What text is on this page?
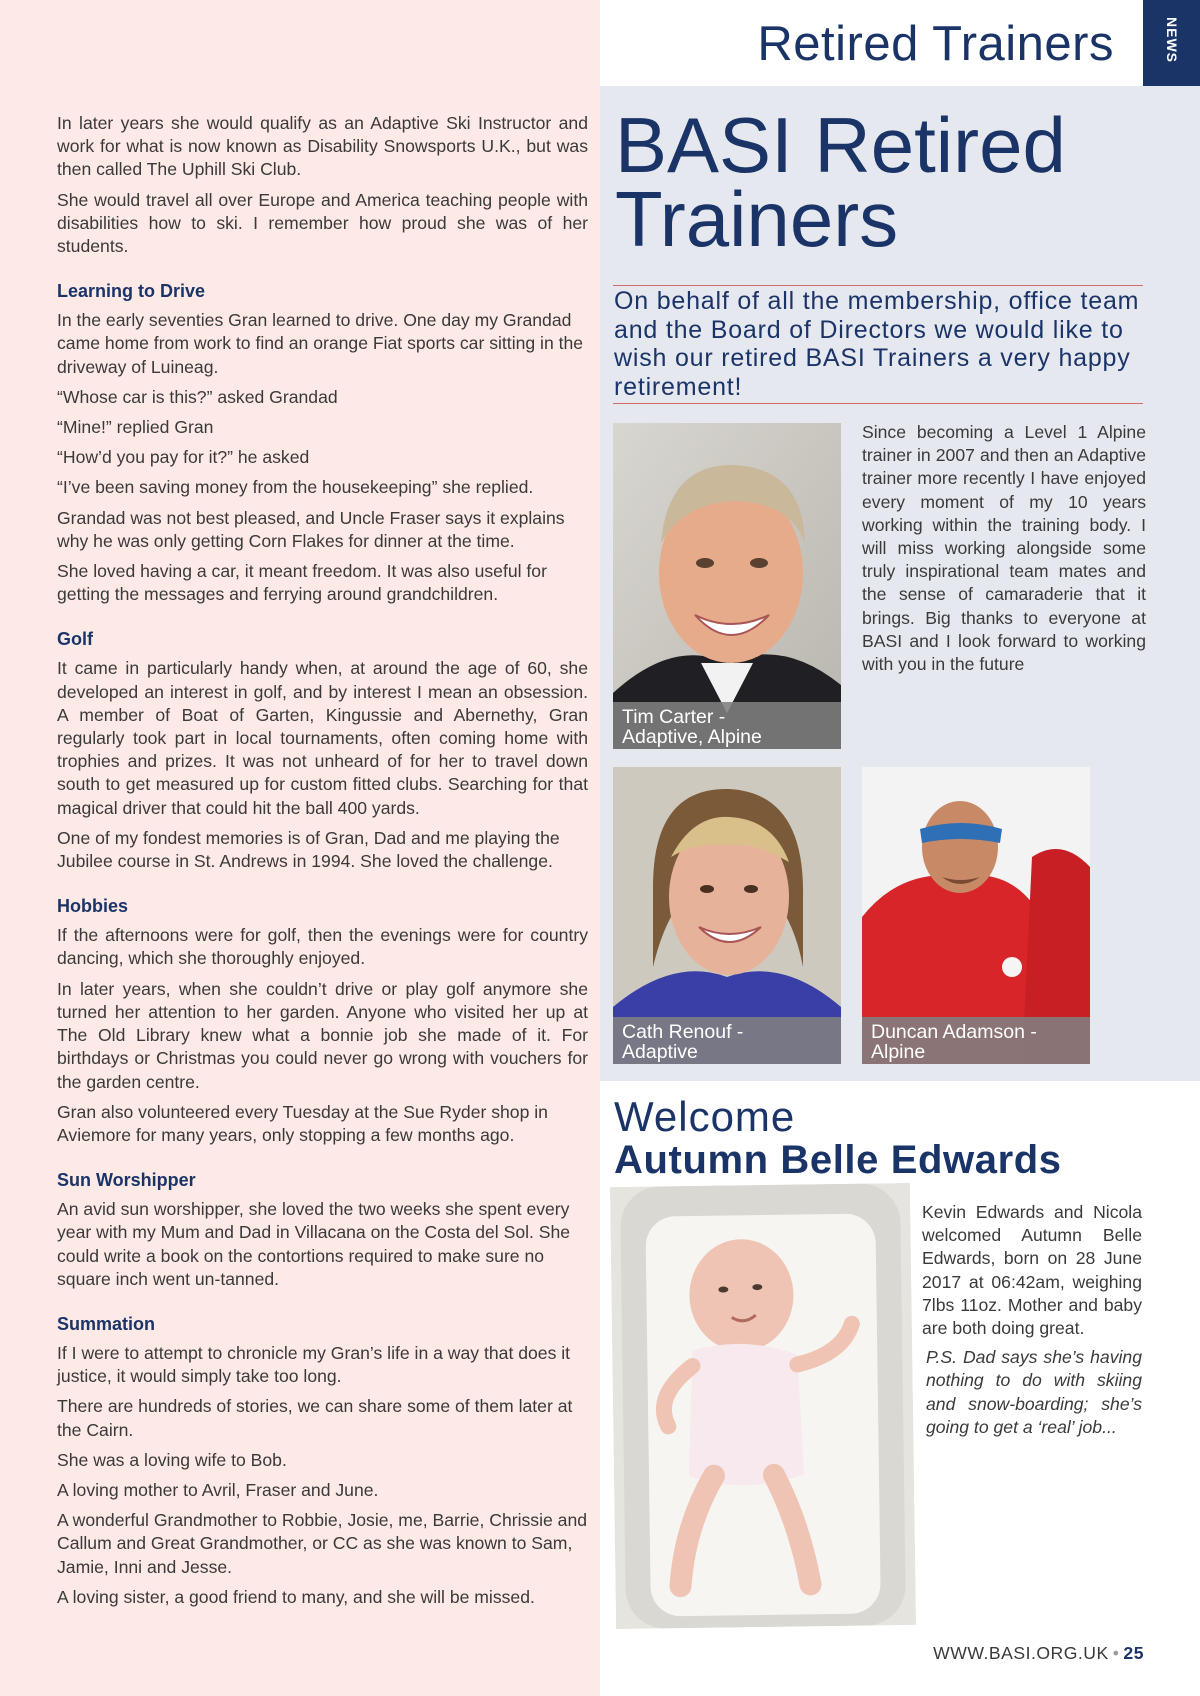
In later years she would qualify as an Adaptive Ski Instructor and work for what is now known as Disability Snowsports U.K., but was then called The Uphill Ski Club.

She would travel all over Europe and America teaching people with disabilities how to ski. I remember how proud she was of her students.

Learning to Drive

In the early seventies Gran learned to drive. One day my Grandad came home from work to find an orange Fiat sports car sitting in the driveway of Luineag.

“Whose car is this?” asked Grandad

“Mine!” replied Gran

“How’d you pay for it?” he asked

“I’ve been saving money from the housekeeping” she replied.

Grandad was not best pleased, and Uncle Fraser says it explains why he was only getting Corn Flakes for dinner at the time.

She loved having a car, it meant freedom. It was also useful for getting the messages and ferrying around grandchildren.

Golf

It came in particularly handy when, at around the age of 60, she developed an interest in golf, and by interest I mean an obsession. A member of Boat of Garten, Kingussie and Abernethy, Gran regularly took part in local tournaments, often coming home with trophies and prizes. It was not unheard of for her to travel down south to get measured up for custom fitted clubs. Searching for that magical driver that could hit the ball 400 yards.

One of my fondest memories is of Gran, Dad and me playing the Jubilee course in St. Andrews in 1994. She loved the challenge.

Hobbies

If the afternoons were for golf, then the evenings were for country dancing, which she thoroughly enjoyed.

In later years, when she couldn’t drive or play golf anymore she turned her attention to her garden. Anyone who visited her up at The Old Library knew what a bonnie job she made of it. For birthdays or Christmas you could never go wrong with vouchers for the garden centre.

Gran also volunteered every Tuesday at the Sue Ryder shop in Aviemore for many years, only stopping a few months ago.

Sun Worshipper

An avid sun worshipper, she loved the two weeks she spent every year with my Mum and Dad in Villacana on the Costa del Sol. She could write a book on the contortions required to make sure no square inch went un-tanned.

Summation

If I were to attempt to chronicle my Gran’s life in a way that does it justice, it would simply take too long.

There are hundreds of stories, we can share some of them later at the Cairn.

She was a loving wife to Bob.

A loving mother to Avril, Fraser and June.

A wonderful Grandmother to Robbie, Josie, me, Barrie, Chrissie and Callum and Great Grandmother, or CC as she was known to Sam, Jamie, Inni and Jesse.

A loving sister, a good friend to many, and she will be missed.

Retired Trainers	NEWS
BASI Retired
Trainers
On behalf of all the membership, office team and the Board of Directors we would like to wish our retired BASI Trainers a very happy retirement!
Tim Carter -
Adaptive, Alpine
Since becoming a Level 1 Alpine trainer in 2007 and then an Adaptive trainer more recently I have enjoyed every moment of my 10 years working within the training body. I will miss working alongside some truly inspirational team mates and the sense of camaraderie that it brings. Big thanks to everyone at BASI and I look forward to working with you in the future
Cath Renouf -
Adaptive
Duncan Adamson -
Alpine
Welcome
Autumn Belle Edwards

Kevin Edwards and Nicola welcomed Autumn Belle Edwards, born on 28 June 2017 at 06:42am, weighing 7lbs 11oz. Mother and baby are both doing great.

P.S. Dad says she’s having nothing to do with skiing and snow-boarding; she’s going to get a ‘real’ job...

WWW.BASI.ORG.UK • 25
